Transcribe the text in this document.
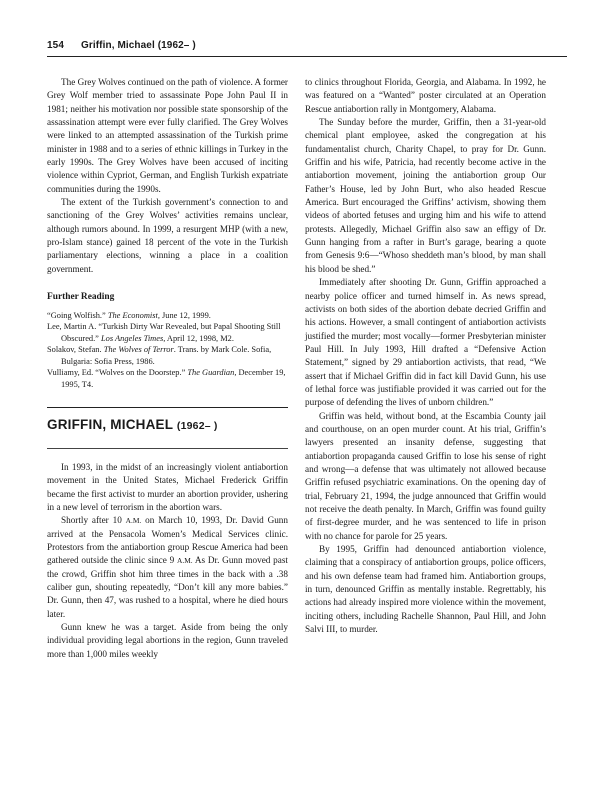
154 Griffin, Michael (1962– )

The Grey Wolves continued on the path of violence. A former Grey Wolf member tried to assassinate Pope John Paul II in 1981; neither his motivation nor possible state sponsorship of the assassination attempt were ever fully clarified. The Grey Wolves were linked to an attempted assassination of the Turkish prime minister in 1988 and to a series of ethnic killings in Turkey in the early 1990s. The Grey Wolves have been accused of inciting violence within Cypriot, German, and English Turkish expatriate communities during the 1990s.

The extent of the Turkish government’s connection to and sanctioning of the Grey Wolves’ activities remains unclear, although rumors abound. In 1999, a resurgent MHP (with a new, pro-Islam stance) gained 18 percent of the vote in the Turkish parliamentary elections, winning a place in a coalition government.

Further Reading
“Going Wolfish.” The Economist, June 12, 1999.
Lee, Martin A. “Turkish Dirty War Revealed, but Papal Shooting Still Obscured.” Los Angeles Times, April 12, 1998, M2.
Solakov, Stefan. The Wolves of Terror. Trans. by Mark Cole. Sofia, Bulgaria: Sofia Press, 1986.
Vulliamy, Ed. “Wolves on the Doorstep.” The Guardian, December 19, 1995, T4.
GRIFFIN, MICHAEL (1962– )

In 1993, in the midst of an increasingly violent antiabortion movement in the United States, Michael Frederick Griffin became the first activist to murder an abortion provider, ushering in a new level of terrorism in the abortion wars.

Shortly after 10 A.M. on March 10, 1993, Dr. David Gunn arrived at the Pensacola Women’s Medical Services clinic. Protestors from the antiabortion group Rescue America had been gathered outside the clinic since 9 A.M. As Dr. Gunn moved past the crowd, Griffin shot him three times in the back with a .38 caliber gun, shouting repeatedly, “Don’t kill any more babies.” Dr. Gunn, then 47, was rushed to a hospital, where he died hours later.

Gunn knew he was a target. Aside from being the only individual providing legal abortions in the region, Gunn traveled more than 1,000 miles weekly

to clinics throughout Florida, Georgia, and Alabama. In 1992, he was featured on a “Wanted” poster circulated at an Operation Rescue antiabortion rally in Montgomery, Alabama.

The Sunday before the murder, Griffin, then a 31-year-old chemical plant employee, asked the congregation at his fundamentalist church, Charity Chapel, to pray for Dr. Gunn. Griffin and his wife, Patricia, had recently become active in the antiabortion movement, joining the antiabortion group Our Father’s House, led by John Burt, who also headed Rescue America. Burt encouraged the Griffins’ activism, showing them videos of aborted fetuses and urging him and his wife to attend protests. Allegedly, Michael Griffin also saw an effigy of Dr. Gunn hanging from a rafter in Burt’s garage, bearing a quote from Genesis 9:6—“Whoso sheddeth man’s blood, by man shall his blood be shed.”

Immediately after shooting Dr. Gunn, Griffin approached a nearby police officer and turned himself in. As news spread, activists on both sides of the abortion debate decried Griffin and his actions. However, a small contingent of antiabortion activists justified the murder; most vocally—former Presbyterian minister Paul Hill. In July 1993, Hill drafted a “Defensive Action Statement,” signed by 29 antiabortion activists, that read, “We assert that if Michael Griffin did in fact kill David Gunn, his use of lethal force was justifiable provided it was carried out for the purpose of defending the lives of unborn children.”

Griffin was held, without bond, at the Escambia County jail and courthouse, on an open murder count. At his trial, Griffin’s lawyers presented an insanity defense, suggesting that antiabortion propaganda caused Griffin to lose his sense of right and wrong—a defense that was ultimately not allowed because Griffin refused psychiatric examinations. On the opening day of trial, February 21, 1994, the judge announced that Griffin would not receive the death penalty. In March, Griffin was found guilty of first-degree murder, and he was sentenced to life in prison with no chance for parole for 25 years.

By 1995, Griffin had denounced antiabortion violence, claiming that a conspiracy of antiabortion groups, police officers, and his own defense team had framed him. Antiabortion groups, in turn, denounced Griffin as mentally instable. Regrettably, his actions had already inspired more violence within the movement, inciting others, including Rachelle Shannon, Paul Hill, and John Salvi III, to murder.
